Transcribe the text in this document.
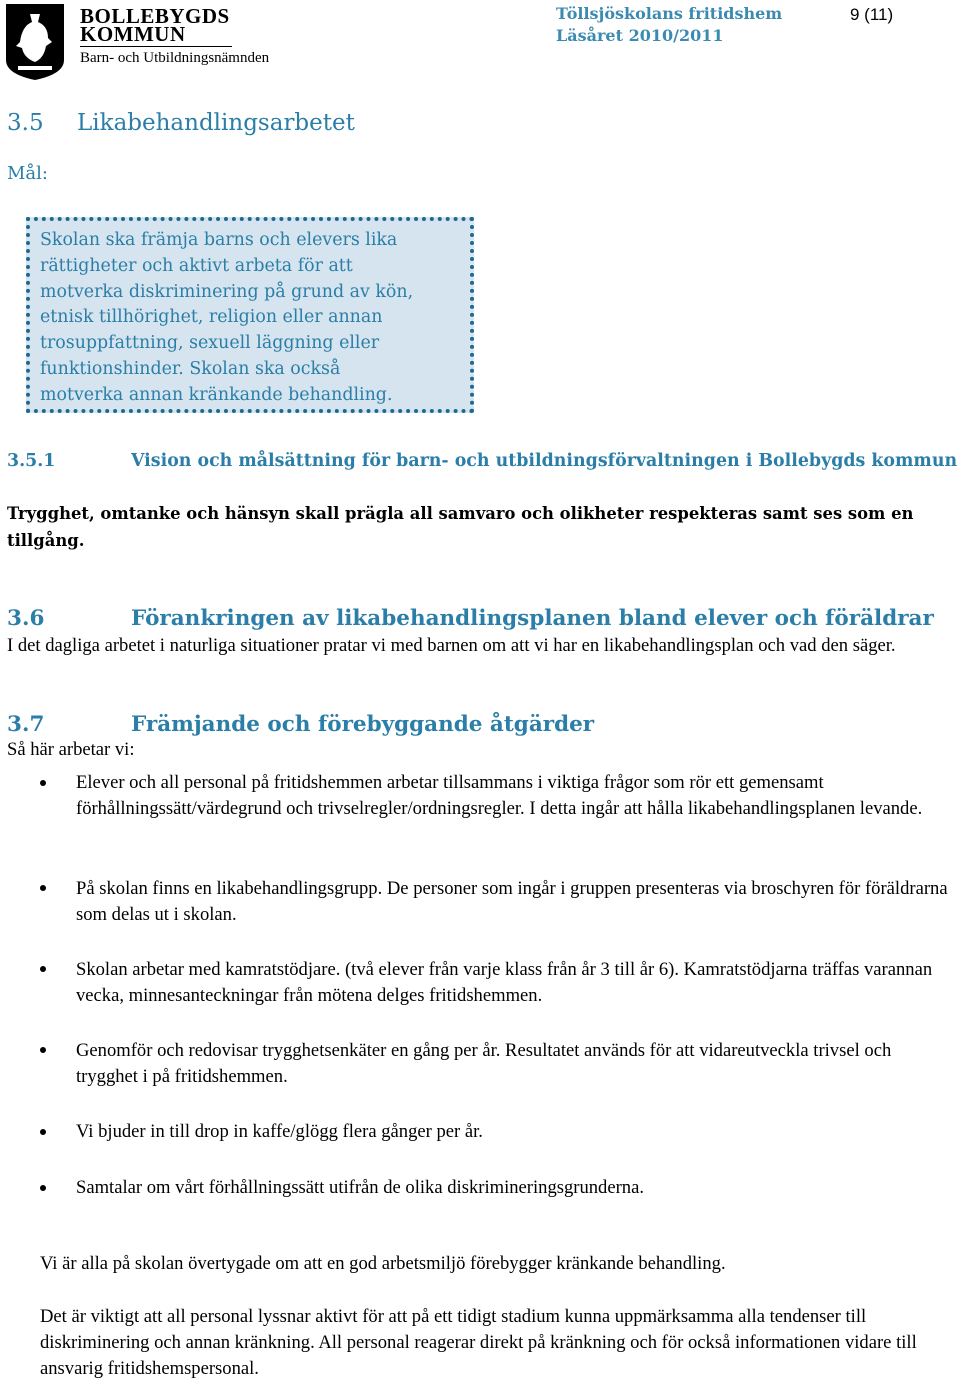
BOLLEBYGDS
KOMMUN
Barn- och Utbildningsnämnden
Töllsjöskolans fritidshem
Läsåret 2010/2011
9 (11)
3.5 Likabehandlingsarbetet
Mål:
Skolan ska främja barns och elevers lika
rättigheter och aktivt arbeta för att
motverka diskriminering på grund av kön,
etnisk tillhörighet, religion eller annan
trosuppfattning, sexuell läggning eller
funktionshinder. Skolan ska också
motverka annan kränkande behandling.
3.5.1	Vision och målsättning för barn- och utbildningsförvaltningen i Bollebygds kommun
Trygghet, omtanke och hänsyn skall prägla all samvaro och olikheter respekteras samt ses som en tillgång.
3.6	Förankringen av likabehandlingsplanen bland elever och föräldrar
I det dagliga arbetet i naturliga situationer pratar vi med barnen om att vi har en likabehandlingsplan och vad den säger.
3.7	Främjande och förebyggande åtgärder
Så här arbetar vi:
Elever och all personal på fritidshemmen arbetar tillsammans i viktiga frågor som rör ett gemensamt förhållningssätt/värdegrund och trivselregler/ordningsregler. I detta ingår att hålla likabehandlingsplanen levande.
På skolan finns en likabehandlingsgrupp. De personer som ingår i gruppen presenteras via broschyren för föräldrarna som delas ut i skolan.
Skolan arbetar med kamratstödjare. (två elever från varje klass från år 3 till år 6). Kamratstödjarna träffas varannan vecka, minnesanteckningar från mötena delges fritidshemmen.
Genomför och redovisar trygghetsenkäter en gång per år. Resultatet används för att vidareutveckla trivsel och trygghet i på fritidshemmen.
Vi bjuder in till drop in kaffe/glögg flera gånger per år.
Samtalar om vårt förhållningssätt utifrån de olika diskrimineringsgrunderna.
Vi är alla på skolan övertygade om att en god arbetsmiljö förebygger kränkande behandling.
Det är viktigt att all personal lyssnar aktivt för att på ett tidigt stadium kunna uppmärksamma alla tendenser till diskriminering och annan kränkning. All personal reagerar direkt på kränkning och för också informationen vidare till ansvarig fritidshemspersonal.
